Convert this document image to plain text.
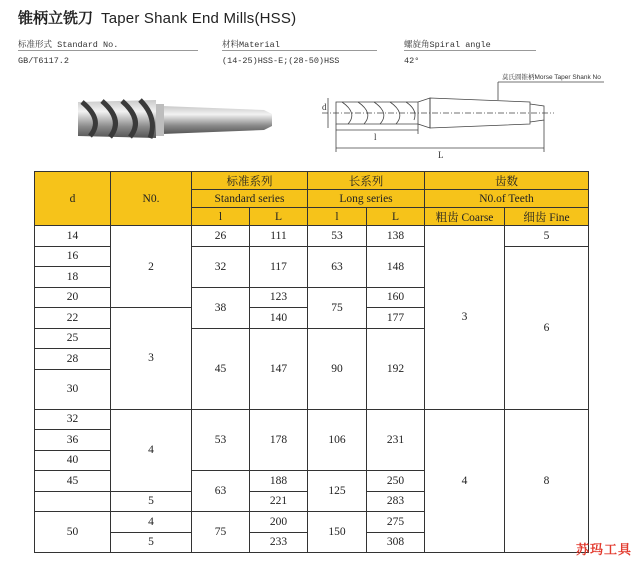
锥柄立铣刀 Taper Shank End Mills(HSS)
标准形式 Standard No.	材料Material	螺旋角Spiral angle
GB/T6117.2	(14-25)HSS-E;(28-50)HSS	42°
d
l
L
莫氏圆锥柄Morse Taper Shank No
d	N0.	标准系列		长系列		齿数	
		Standard series		Long series		N0.of Teeth	
		l	L	l	L	粗齿 Coarse	细齿 Fine
14	2	26	111	53	138	3	5
16		32	117	63	148		6
18							
20		38	123	75	160		
22	3		140		177		
25		45	147	90	192		
28							
30							
32	4	53	178	106	231	4	8
36							
40							
45		63	188	125	250		

	5		221		283		
50	4	75	200	150	275		
	5		233		308			苏玛工具
